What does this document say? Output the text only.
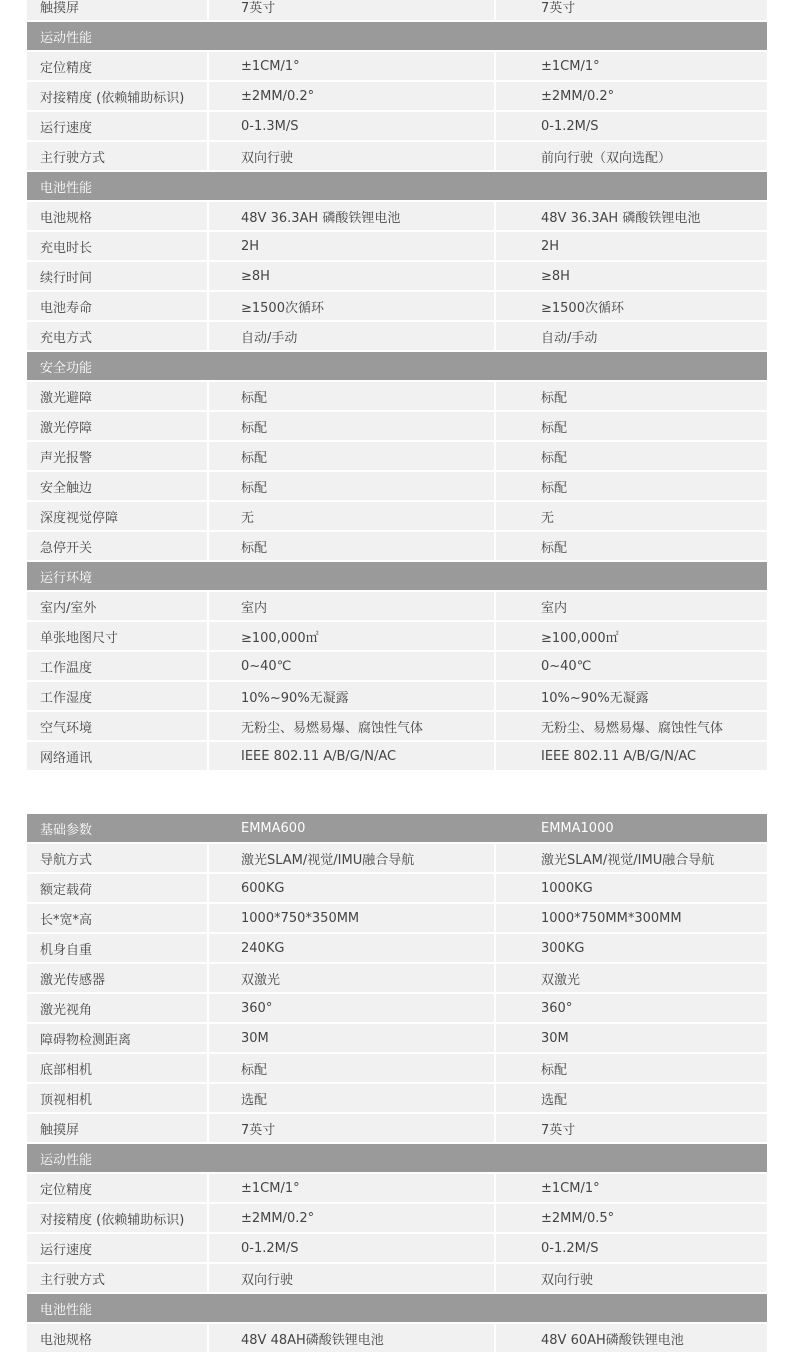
触摸屏	7英寸	7英寸
运动性能
定位精度	±1CM/1°	±1CM/1°
对接精度 (依赖辅助标识)	±2MM/0.2°	±2MM/0.2°
运行速度	0-1.3M/S	0-1.2M/S
主行驶方式	双向行驶	前向行驶（双向选配）
电池性能
电池规格	48V 36.3AH 磷酸铁锂电池	48V 36.3AH 磷酸铁锂电池
充电时长	2H	2H
续行时间	≥8H	≥8H
电池寿命	≥1500次循环	≥1500次循环
充电方式	自动/手动	自动/手动
安全功能
激光避障	标配	标配
激光停障	标配	标配
声光报警	标配	标配
安全触边	标配	标配
深度视觉停障	无	无
急停开关	标配	标配
运行环境
室内/室外	室内	室内
单张地图尺寸	≥100,000㎡	≥100,000㎡
工作温度	0~40℃	0~40℃
工作湿度	10%~90%无凝露	10%~90%无凝露
空气环境	无粉尘、易燃易爆、腐蚀性气体	无粉尘、易燃易爆、腐蚀性气体
网络通讯	IEEE 802.11 A/B/G/N/AC	IEEE 802.11 A/B/G/N/AC
基础参数	EMMA600	EMMA1000
导航方式	激光SLAM/视觉/IMU融合导航	激光SLAM/视觉/IMU融合导航
额定载荷	600KG	1000KG
长*宽*高	1000*750*350MM	1000*750MM*300MM
机身自重	240KG	300KG
激光传感器	双激光	双激光
激光视角	360°	360°
障碍物检测距离	30M	30M
底部相机	标配	标配
顶视相机	选配	选配
触摸屏	7英寸	7英寸
运动性能
定位精度	±1CM/1°	±1CM/1°
对接精度 (依赖辅助标识)	±2MM/0.2°	±2MM/0.5°
运行速度	0-1.2M/S	0-1.2M/S
主行驶方式	双向行驶	双向行驶
电池性能
电池规格	48V 48AH磷酸铁锂电池	48V 60AH磷酸铁锂电池
